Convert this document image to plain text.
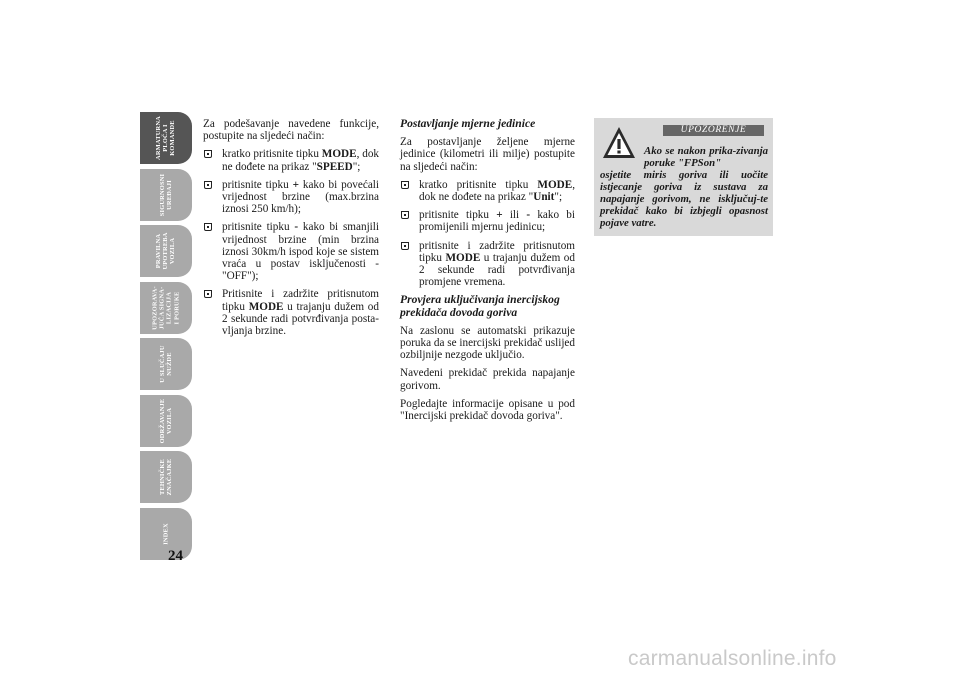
ARMATURNA
PLOČA I
KOMANDE
SIGURNOSNI
UREĐAJI
PRAVILNA
UPOTREBA
VOZILA
UPOZORAVA-
JUĆA SIGNA-
LIZACIJA
I PORUKE
U SLUČAJU
NUŽDE
ODRŽAVANJE
VOZILA
TEHNIČKE
ZNAČAJKE
INDEX
24

Za podešavanje navedene funkcije, postupite na sljedeći način:

kratko pritisnite tipku MODE, dok ne dođete na prikaz "SPEED";
pritisnite tipku + kako bi povećali vrijednost brzine (max.brzina iznosi 250 km/h);
pritisnite tipku - kako bi smanjili vrijednost brzine (min brzina iznosi 30km/h ispod koje se sistem vraća u postav isključenosti - "OFF");
Pritisnite i zadržite pritisnutom tipku MODE u trajanju dužem od 2 sekunde radi potvrđivanja posta-vljanja brzine.

Postavljanje mjerne jedinice

Za postavljanje željene mjerne jedinice (kilometri ili milje) postupite na sljedeći način:

kratko pritisnite tipku MODE, dok ne dođete na prikaz "Unit";
pritisnite tipku + ili - kako bi promijenili mjernu jedinicu;
pritisnite i zadržite pritisnutom tipku MODE u trajanju dužem od 2 sekunde radi potvrđivanja promjene vremena.

Provjera uključivanja inercijskog prekidača dovoda goriva

Na zaslonu se automatski prikazuje poruka da se inercijski prekidač uslijed ozbiljnije nezgode uključio.

Navedeni prekidač prekida napajanje gorivom.

Pogledajte informacije opisane u pod "Inercijski prekidač dovoda goriva".

UPOZORENJE

Ako se nakon prika-zivanja poruke "FPSon"
osjetite miris goriva ili uočite istjecanje goriva iz sustava za napajanje gorivom, ne isključuj-te prekidač kako bi izbjegli opasnost pojave vatre.

carmanualsonline.info
